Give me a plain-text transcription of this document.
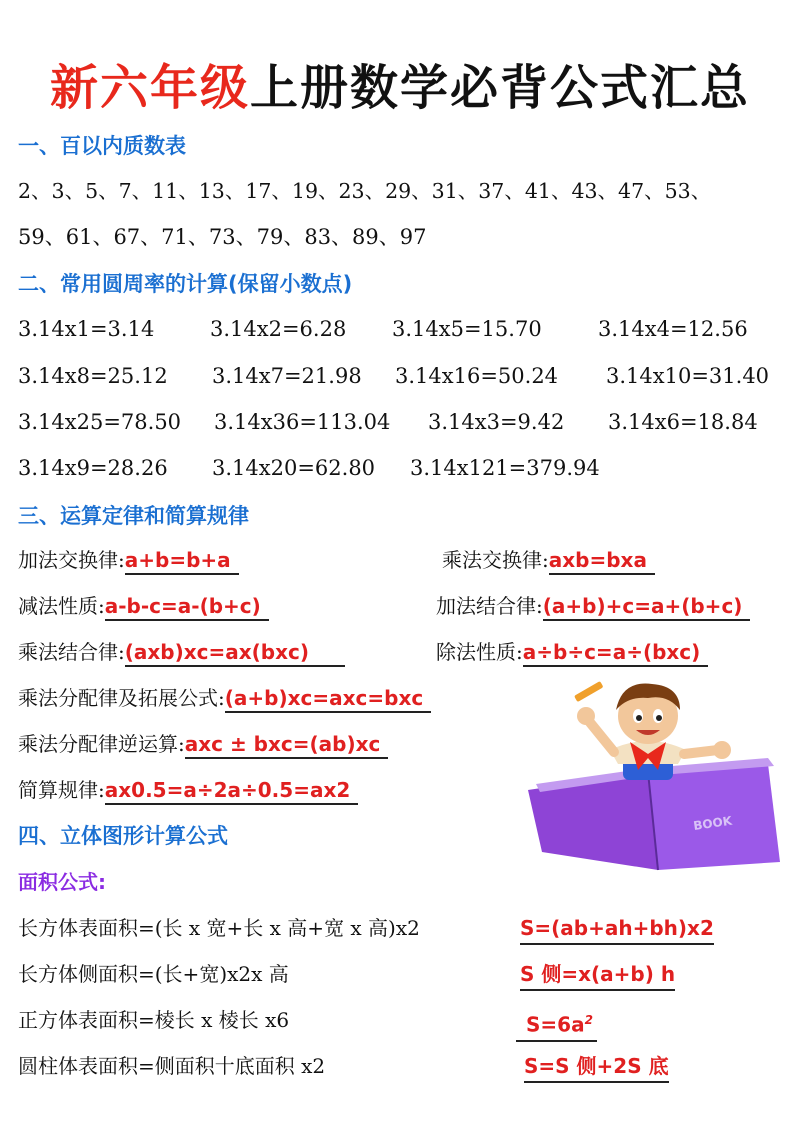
新六年级上册数学必背公式汇总
一、百以内质数表
2、3、5、7、11、13、17、19、23、29、31、37、41、43、47、53、
59、61、67、71、73、79、83、89、97
二、常用圆周率的计算(保留小数点)
3.14x1=3.14	3.14x2=6.28 3.14x5=15.70	3.14x4=12.56
3.14x8=25.12 3.14x7=21.98 3.14x16=50.24 3.14x10=31.40
3.14x25=78.50 3.14x36=113.04 3.14x3=9.42 3.14x6=18.84
3.14x9=28.26 3.14x20=62.80 3.14x121=379.94
三、运算定律和简算规律
加法交换律:a+b=b+a	乘法交换律:axb=bxa
减法性质:a-b-c=a-(b+c)	加法结合律:(a+b)+c=a+(b+c)
乘法结合律:(axb)xc=ax(bxc)	除法性质:a÷b÷c=a÷(bxc)
乘法分配律及拓展公式:(a+b)xc=axc=bxc
乘法分配律逆运算:axc ± bxc=(ab)xc
简算规律:ax0.5=a÷2a÷0.5=ax2
BOOK
四、立体图形计算公式
面积公式:
长方体表面积=(长 x 宽+长 x 高+宽 x 高)x2	S=(ab+ah+bh)x2
长方体侧面积=(长+宽)x2x 高	S 侧=x(a+b) h
正方体表面积=棱长 x 棱长 x6	$S=6a^2$
圆柱体表面积=侧面积十底面积 x2	S=S 侧+2S 底
